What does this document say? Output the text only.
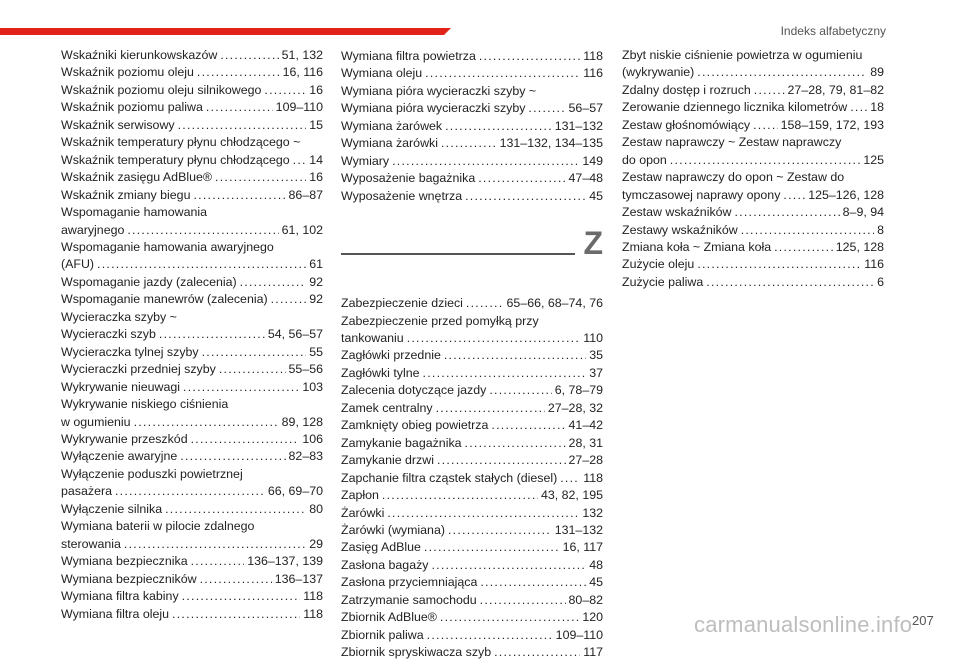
Indeks alfabetyczny
Wskaźniki kierunkowskazów . . .	51, 132
Wskaźnik poziomu oleju . . .	16, 116
Wskaźnik poziomu oleju silnikowego . . .	16
Wskaźnik poziomu paliwa . . .	109–110
Wskaźnik serwisowy . . .	15
Wskaźnik temperatury płynu chłodzącego ~
Wskaźnik temperatury płynu chłodzącego . . . 14
Wskaźnik zasięgu AdBlue® . . .	16
Wskaźnik zmiany biegu . . .	86–87
Wspomaganie hamowania
awaryjnego . . .	61, 102
Wspomaganie hamowania awaryjnego
(AFU) . . .	61
Wspomaganie jazdy (zalecenia) . . .	92
Wspomaganie manewrów (zalecenia) . . .	92
Wycieraczka szyby ~
Wycieraczki szyb . . .	54, 56–57
Wycieraczka tylnej szyby . . .	55
Wycieraczki przedniej szyby . . .	55–56
Wykrywanie nieuwagi . . .	103
Wykrywanie niskiego ciśnienia
w ogumieniu . . .	89, 128
Wykrywanie przeszkód . . .	106
Wyłączenie awaryjne . . .	82–83
Wyłączenie poduszki powietrznej
pasażera . . .	66, 69–70
Wyłączenie silnika . . .	80
Wymiana baterii w pilocie zdalnego
sterowania . . .	29
Wymiana bezpiecznika . . .	136–137, 139
Wymiana bezpieczników . . .	136–137
Wymiana filtra kabiny . . .	118
Wymiana filtra oleju . . .	118
Wymiana filtra powietrza . . .	118
Wymiana oleju . . .	116
Wymiana pióra wycieraczki szyby ~
Wymiana pióra wycieraczki szyby . . .	56–57
Wymiana żarówek . . .	131–132
Wymiana żarówki . . .	131–132, 134–135
Wymiary . . .	149
Wyposażenie bagażnika . . .	47–48
Wyposażenie wnętrza . . .	45
Z
Zabezpieczenie dzieci . . .	65–66, 68–74, 76
Zabezpieczenie przed pomyłką przy
tankowaniu . . .	110
Zagłówki przednie . . .	35
Zagłówki tylne . . .	37
Zalecenia dotyczące jazdy . . .	6, 78–79
Zamek centralny . . .	27–28, 32
Zamknięty obieg powietrza . . .	41–42
Zamykanie bagażnika . . .	28, 31
Zamykanie drzwi . . .	27–28
Zapchanie filtra cząstek stałych (diesel) . . . 118
Zapłon . . .	43, 82, 195
Żarówki . . .	132
Żarówki (wymiana) . . .	131–132
Zasięg AdBlue . . .	16, 117
Zasłona bagaży . . .	48
Zasłona przyciemniająca . . .	45
Zatrzymanie samochodu . . .	80–82
Zbiornik AdBlue® . . .	120
Zbiornik paliwa . . .	109–110
Zbiornik spryskiwacza szyb . . .	117
Zbyt niskie ciśnienie powietrza w ogumieniu
(wykrywanie) . . .	89
Zdalny dostęp i rozruch . . .	27–28, 79, 81–82
Zerowanie dziennego licznika kilometrów . . . 18
Zestaw głośnomówiący . . . 158–159, 172, 193
Zestaw naprawczy ~ Zestaw naprawczy
do opon . . .	125
Zestaw naprawczy do opon ~ Zestaw do
tymczasowej naprawy opony . . . 125–126, 128
Zestaw wskaźników . . .	8–9, 94
Zestawy wskaźników . . .	8
Zmiana koła ~ Zmiana koła . . .	125, 128
Zużycie oleju . . .	116
Zużycie paliwa . . .	6
carmanualsonline.info 207
